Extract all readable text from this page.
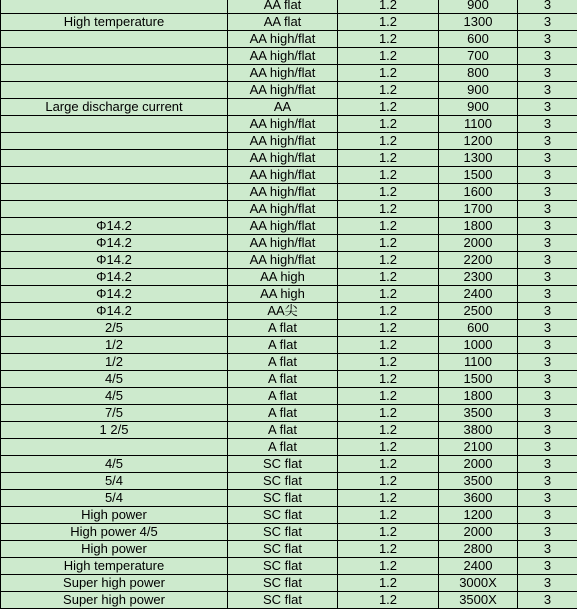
	AA flat	1.2	900	3
High temperature	AA flat	1.2	1300	3
	AA high/flat	1.2	600	3
	AA high/flat	1.2	700	3
	AA high/flat	1.2	800	3
	AA high/flat	1.2	900	3
Large discharge current	AA	1.2	900	3
	AA high/flat	1.2	1100	3
	AA high/flat	1.2	1200	3
	AA high/flat	1.2	1300	3
	AA high/flat	1.2	1500	3
	AA high/flat	1.2	1600	3
	AA high/flat	1.2	1700	3
Φ14.2	AA high/flat	1.2	1800	3
Φ14.2	AA high/flat	1.2	2000	3
Φ14.2	AA high/flat	1.2	2200	3
Φ14.2	AA high	1.2	2300	3
Φ14.2	AA high	1.2	2400	3
Φ14.2	AA尖	1.2	2500	3
2/5	A flat	1.2	600	3
1/2	A flat	1.2	1000	3
1/2	A flat	1.2	1100	3
4/5	A flat	1.2	1500	3
4/5	A flat	1.2	1800	3
7/5	A flat	1.2	3500	3
1 2/5	A flat	1.2	3800	3
	A flat	1.2	2100	3
4/5	SC flat	1.2	2000	3
5/4	SC flat	1.2	3500	3
5/4	SC flat	1.2	3600	3
High power	SC flat	1.2	1200	3
High power 4/5	SC flat	1.2	2000	3
High power	SC flat	1.2	2800	3
High temperature	SC flat	1.2	2400	3
Super high power	SC flat	1.2	3000X	3
Super high power	SC flat	1.2	3500X	3
